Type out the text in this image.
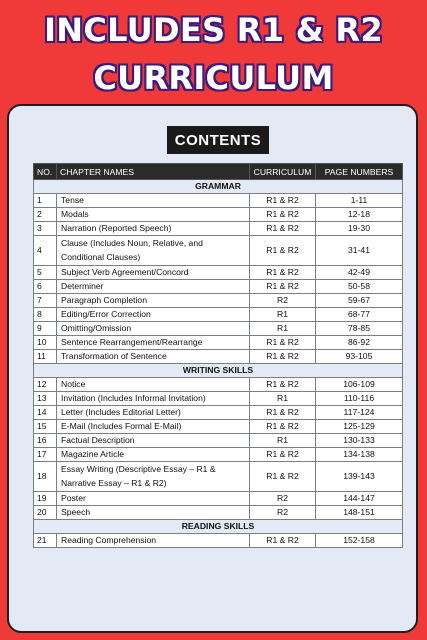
INCLUDES R1 & R2
CURRICULUM
CONTENTS
NO.	CHAPTER NAMES	CURRICULUM	PAGE NUMBERS
GRAMMAR			
1	Tense	R1 & R2	1-11
2	Modals	R1 & R2	12-18
3	Narration (Reported Speech)	R1 & R2	19-30
4	Clause (Includes Noun, Relative, and Conditional Clauses)	R1 & R2	31-41
5	Subject Verb Agreement/Concord	R1 & R2	42-49
6	Determiner	R1 & R2	50-58
7	Paragraph Completion	R2	59-67
8	Editing/Error Correction	R1	68-77
9	Omitting/Omission	R1	78-85
10	Sentence Rearrangement/Rearrange	R1 & R2	86-92
11	Transformation of Sentence	R1 & R2	93-105
WRITING SKILLS			
12	Notice	R1 & R2	106-109
13	Invitation (Includes Informal Invitation)	R1	110-116
14	Letter (Includes Editorial Letter)	R1 & R2	117-124
15	E-Mail (Includes Formal E-Mail)	R1 & R2	125-129
16	Factual Description	R1	130-133
17	Magazine Article	R1 & R2	134-138
18	Essay Writing (Descriptive Essay – R1 & Narrative Essay – R1 & R2)	R1 & R2	139-143
19	Poster	R2	144-147
20	Speech	R2	148-151
READING SKILLS			
21	Reading Comprehension	R1 & R2	152-158
